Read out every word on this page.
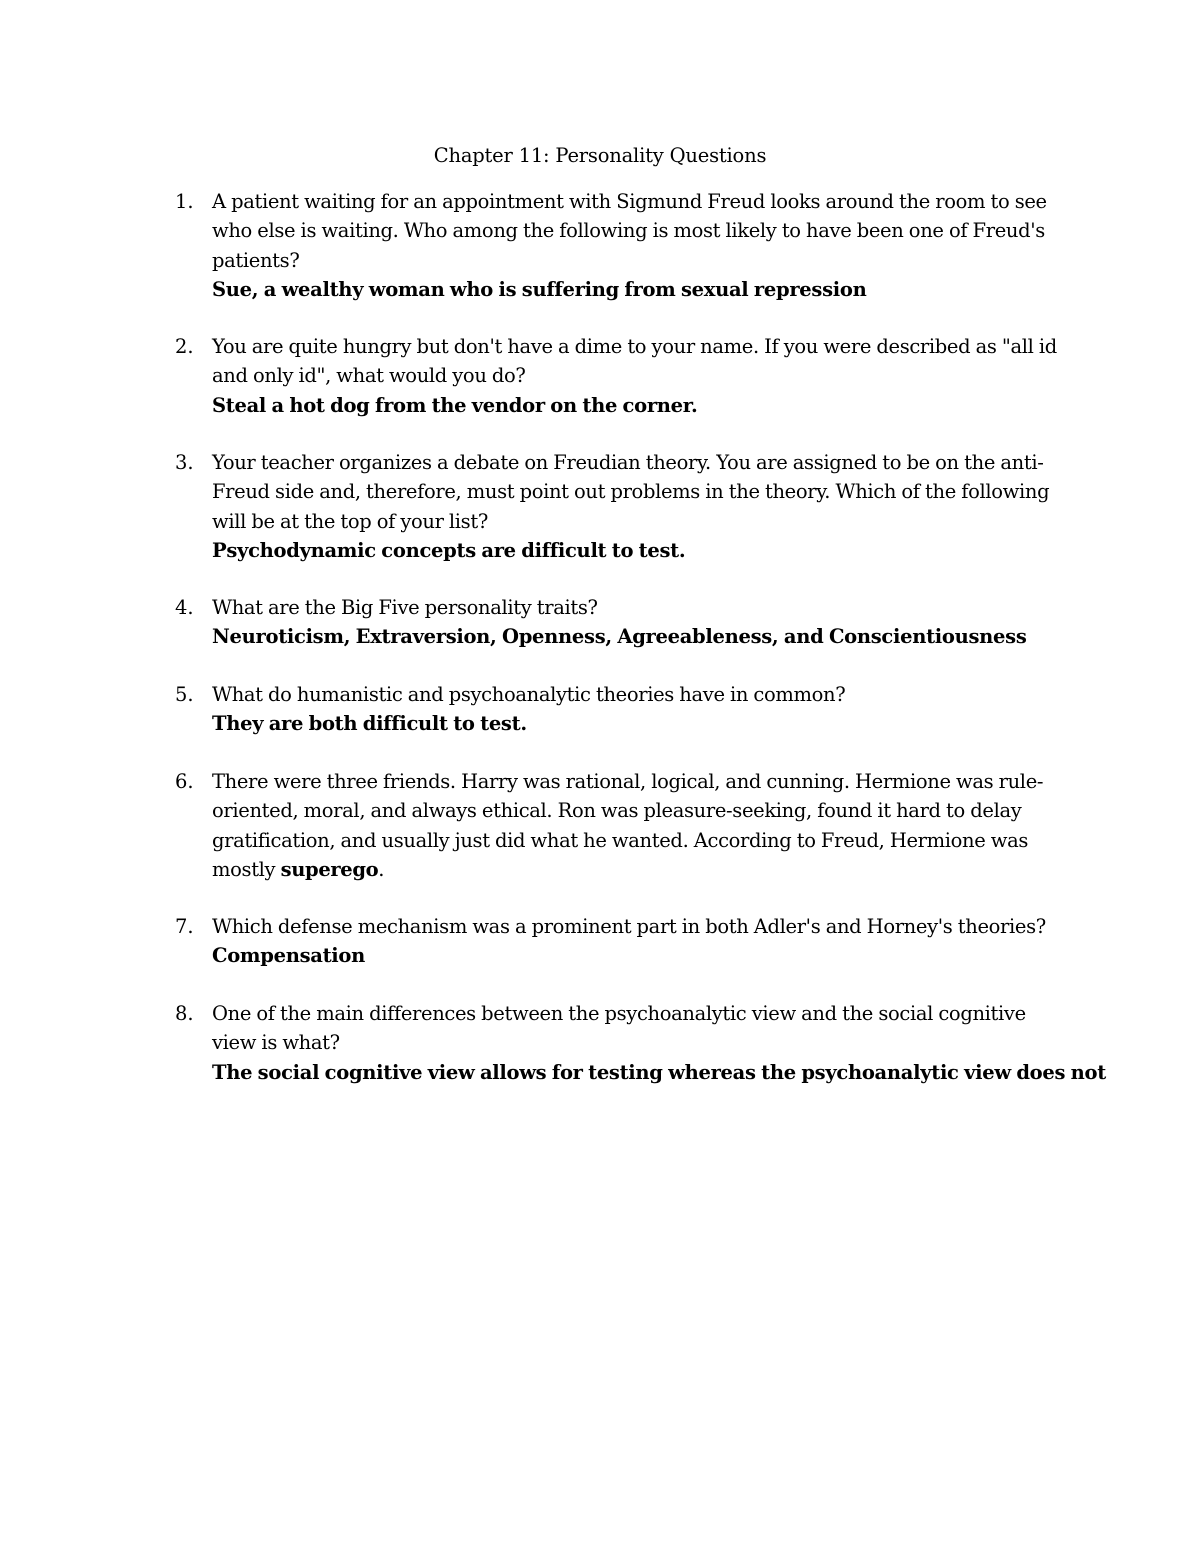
Chapter 11: Personality Questions
1. A patient waiting for an appointment with Sigmund Freud looks around the room to see
who else is waiting. Who among the following is most likely to have been one of Freud's
patients?
Sue, a wealthy woman who is suffering from sexual repression
2. You are quite hungry but don't have a dime to your name. If you were described as "all id
and only id", what would you do?
Steal a hot dog from the vendor on the corner.
3. Your teacher organizes a debate on Freudian theory. You are assigned to be on the anti-
Freud side and, therefore, must point out problems in the theory. Which of the following
will be at the top of your list?
Psychodynamic concepts are difficult to test.
4. What are the Big Five personality traits?
Neuroticism, Extraversion, Openness, Agreeableness, and Conscientiousness
5. What do humanistic and psychoanalytic theories have in common?
They are both difficult to test.
6. There were three friends. Harry was rational, logical, and cunning. Hermione was rule-
oriented, moral, and always ethical. Ron was pleasure-seeking, found it hard to delay
gratification, and usually just did what he wanted. According to Freud, Hermione was
mostly superego.
7. Which defense mechanism was a prominent part in both Adler's and Horney's theories?
Compensation
8. One of the main differences between the psychoanalytic view and the social cognitive
view is what?
The social cognitive view allows for testing whereas the psychoanalytic view does not
